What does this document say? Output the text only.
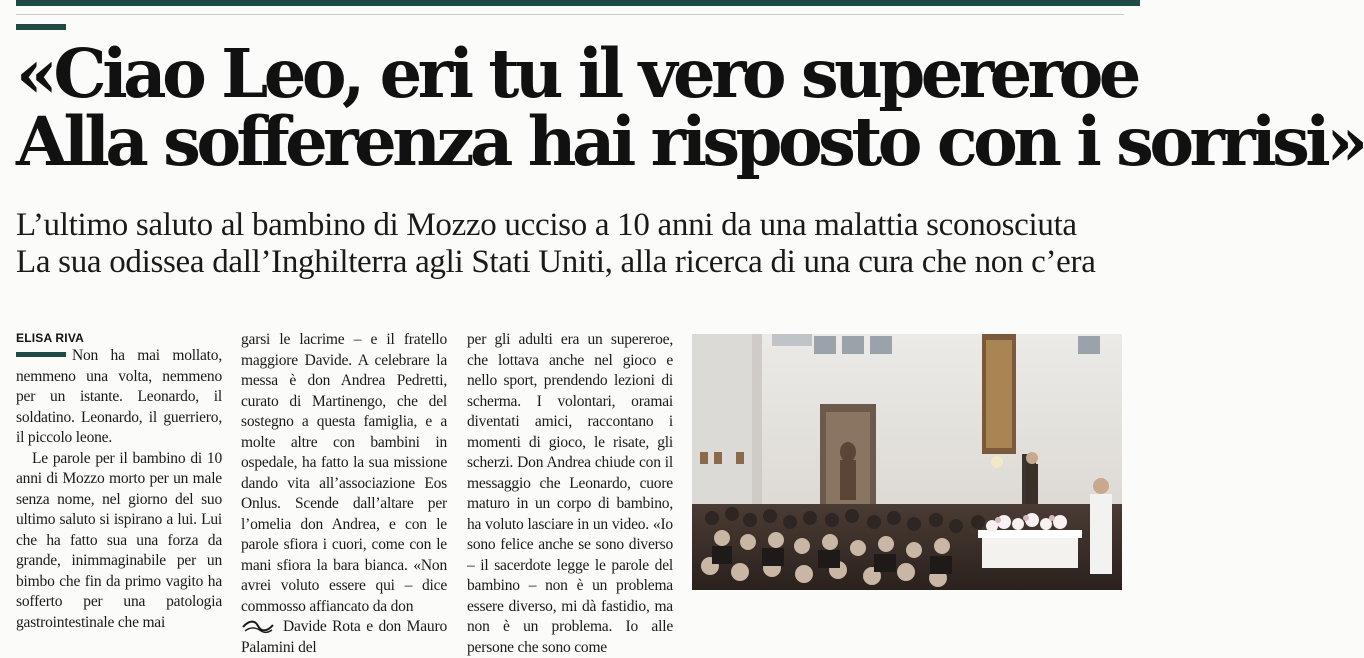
«Ciao Leo, eri tu il vero supereroe
Alla sofferenza hai risposto con i sorrisi»
L’ultimo saluto al bambino di Mozzo ucciso a 10 anni da una malattia sconosciuta
La sua odissea dall’Inghilterra agli Stati Uniti, alla ricerca di una cura che non c’era
ELISA RIVA

Non ha mai mollato, nemmeno una volta, nemmeno per un istante. Leonardo, il soldatino. Leonardo, il guerriero, il piccolo leone.

Le parole per il bambino di 10 anni di Mozzo morto per un male senza nome, nel giorno del suo ultimo saluto si ispirano a lui. Lui che ha fatto sua una forza da grande, inimmaginabile per un bimbo che fin da primo vagito ha sofferto per una patologia gastrointestinale che mai

garsi le lacrime – e il fratello maggiore Davide. A celebrare la messa è don Andrea Pedretti, curato di Martinengo, che del sostegno a questa famiglia, e a molte altre con bambini in ospedale, ha fatto la sua missione dando vita all’associazione Eos Onlus. Scende dall’altare per l’omelia don Andrea, e con le parole sfiora i cuori, come con le mani sfiora la bara bianca. «Non avrei voluto essere qui – dice commosso affiancato da don

Davide Rota e don Mauro Palamini del

per gli adulti era un supereroe, che lottava anche nel gioco e nello sport, prendendo lezioni di scherma. I volontari, oramai diventati amici, raccontano i momenti di gioco, le risate, gli scherzi. Don Andrea chiude con il messaggio che Leonardo, cuore maturo in un corpo di bambino, ha voluto lasciare in un video. «Io sono felice anche se sono diverso – il sacerdote legge le parole del bambino – non è un problema essere diverso, mi dà fastidio, ma non è un problema. Io alle persone che sono come
